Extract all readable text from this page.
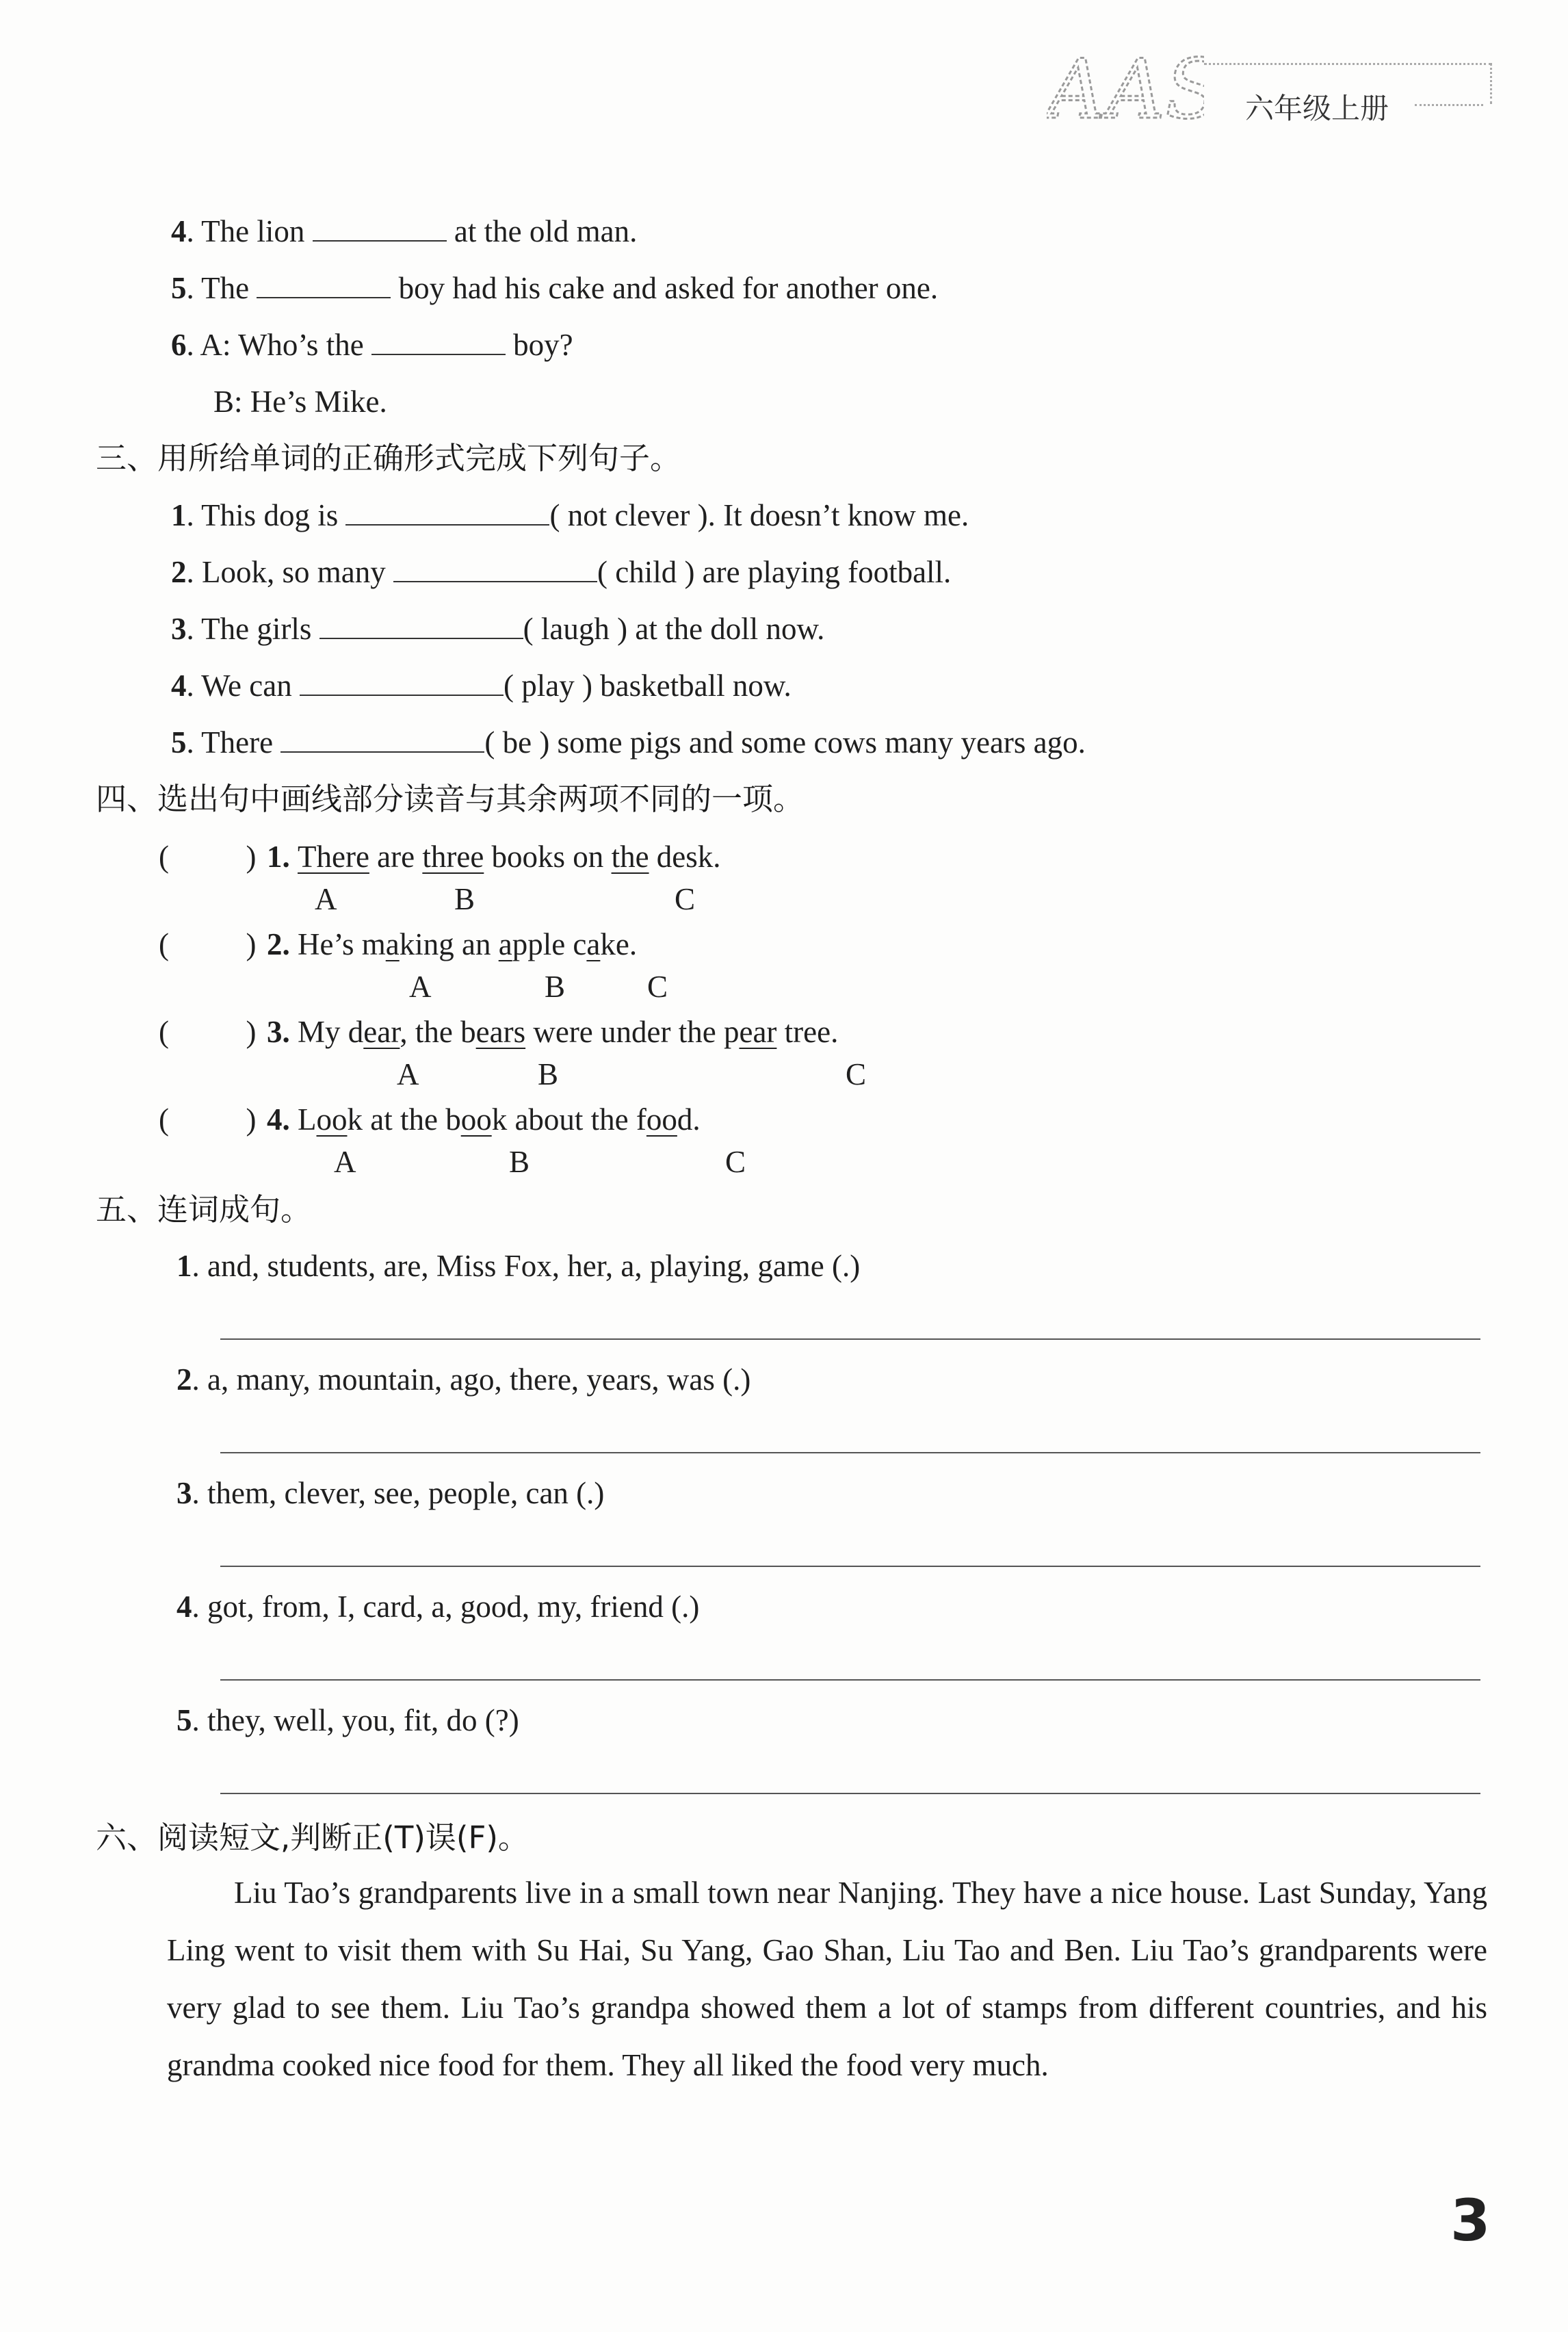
AAS 六年级上册
4. The lion	at the old man.
5. The	boy had his cake and asked for another one.
6. A: Who’s the	boy?
B: He’s Mike.
三、用所给单词的正确形式完成下列句子。
1. This dog is	( not clever ). It doesn’t know me.
2. Look, so many	( child ) are playing football.
3. The girls	( laugh ) at the doll now.
4. We can	( play ) basketball now.
5. There	( be ) some pigs and some cows many years ago.
四、选出句中画线部分读音与其余两项不同的一项。
(          ) 1. There are three books on the desk.
A	B	C
(          ) 2. He’s making an apple cake.
A	B	C
(          ) 3. My dear, the bears were under the pear tree.
A	B	C
(          ) 4. Look at the book about the food.
A	B	C
五、连词成句。
1. and, students, are, Miss Fox, her, a, playing, game (.)
2. a, many, mountain, ago, there, years, was (.)
3. them, clever, see, people, can (.)
4. got, from, I, card, a, good, my, friend (.)
5. they, well, you, fit, do (?)
六、阅读短文,判断正(T)误(F)。
Liu Tao’s grandparents live in a small town near Nanjing. They have a nice house. Last Sunday, Yang Ling went to visit them with Su Hai, Su Yang, Gao Shan, Liu Tao and Ben. Liu Tao’s grandparents were very glad to see them. Liu Tao’s grandpa showed them a lot of stamps from different countries, and his grandma cooked nice food for them. They all liked the food very much.
3
